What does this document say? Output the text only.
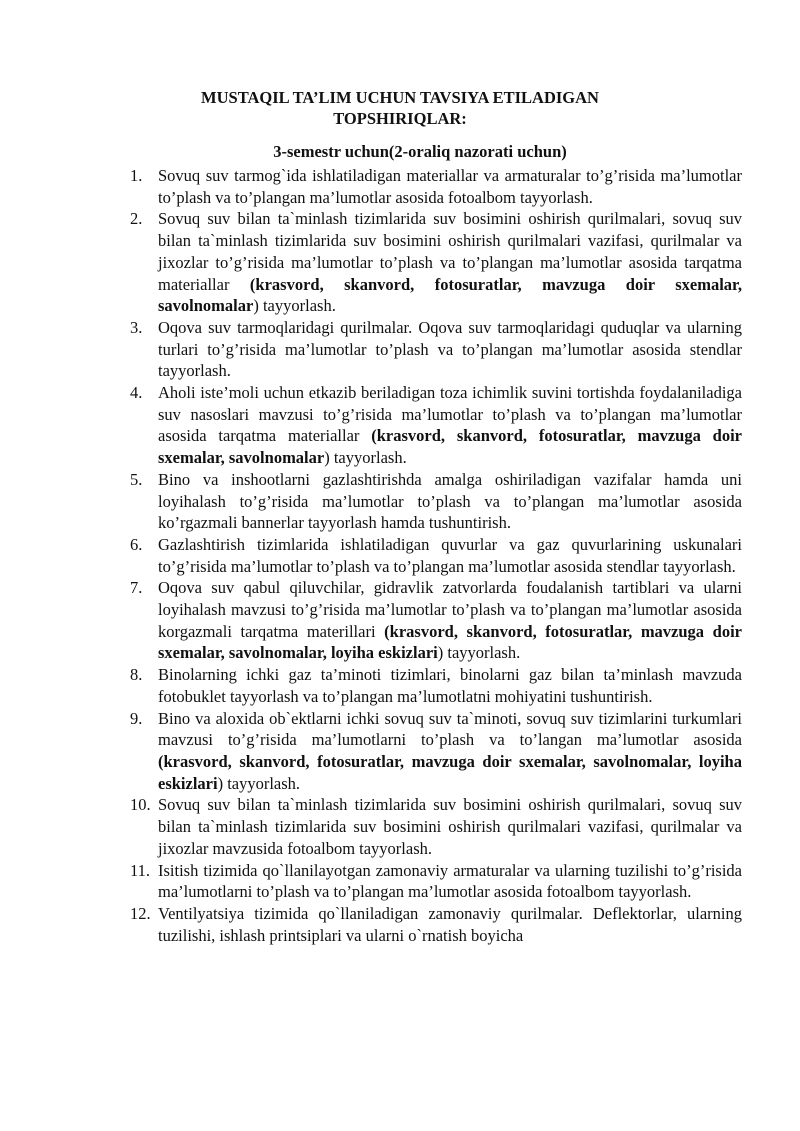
MUSTAQIL TA’LIM UCHUN TAVSIYA ETILADIGAN
TOPSHIRIQLAR:
3-semestr uchun(2-oraliq nazorati uchun)
1. Sovuq suv tarmog`ida ishlatiladigan materiallar va armaturalar to’g’risida ma’lumotlar to’plash va to’plangan ma’lumotlar asosida fotoalbom tayyorlash.
2. Sovuq suv bilan ta`minlash tizimlarida suv bosimini oshirish qurilmalari, sovuq suv bilan ta`minlash tizimlarida suv bosimini oshirish qurilmalari vazifasi, qurilmalar va jixozlar to’g’risida ma’lumotlar to’plash va to’plangan ma’lumotlar asosida tarqatma materiallar (krasvord, skanvord, fotosuratlar, mavzuga doir sxemalar, savolnomalar) tayyorlash.
3. Oqova suv tarmoqlaridagi qurilmalar. Oqova suv tarmoqlaridagi quduqlar va ularning turlari to’g’risida ma’lumotlar to’plash va to’plangan ma’lumotlar asosida stendlar tayyorlash.
4. Aholi iste’moli uchun etkazib beriladigan toza ichimlik suvini tortishda foydalaniladiga suv nasoslari mavzusi to’g’risida ma’lumotlar to’plash va to’plangan ma’lumotlar asosida tarqatma materiallar (krasvord, skanvord, fotosuratlar, mavzuga doir sxemalar, savolnomalar) tayyorlash.
5. Bino va inshootlarni gazlashtirishda amalga oshiriladigan vazifalar hamda uni loyihalash to’g’risida ma’lumotlar to’plash va to’plangan ma’lumotlar asosida ko’rgazmali bannerlar tayyorlash hamda tushuntirish.
6. Gazlashtirish tizimlarida ishlatiladigan quvurlar va gaz quvurlarining uskunalari to’g’risida ma’lumotlar to’plash va to’plangan ma’lumotlar asosida stendlar tayyorlash.
7. Oqova suv qabul qiluvchilar, gidravlik zatvorlarda foudalanish tartiblari va ularni loyihalash mavzusi to’g’risida ma’lumotlar to’plash va to’plangan ma’lumotlar asosida korgazmali tarqatma materillari (krasvord, skanvord, fotosuratlar, mavzuga doir sxemalar, savolnomalar, loyiha eskizlari) tayyorlash.
8. Binolarning ichki gaz ta’minoti tizimlari, binolarni gaz bilan ta’minlash mavzuda fotobuklet tayyorlash va to’plangan ma’lumotlatni mohiyatini tushuntirish.
9. Bino va aloxida ob`ektlarni ichki sovuq suv ta`minoti, sovuq suv tizimlarini turkumlari mavzusi to’g’risida ma’lumotlarni to’plash va to’langan ma’lumotlar asosida (krasvord, skanvord, fotosuratlar, mavzuga doir sxemalar, savolnomalar, loyiha eskizlari) tayyorlash.
10. Sovuq suv bilan ta`minlash tizimlarida suv bosimini oshirish qurilmalari, sovuq suv bilan ta`minlash tizimlarida suv bosimini oshirish qurilmalari vazifasi, qurilmalar va jixozlar mavzusida fotoalbom tayyorlash.
11. Isitish tizimida qo`llanilayotgan zamonaviy armaturalar va ularning tuzilishi to’g’risida ma’lumotlarni to’plash va to’plangan ma’lumotlar asosida fotoalbom tayyorlash.
12. Ventilyatsiya tizimida qo`llaniladigan zamonaviy qurilmalar. Deflektorlar, ularning tuzilishi, ishlash printsiplari va ularni o`rnatish boyicha
